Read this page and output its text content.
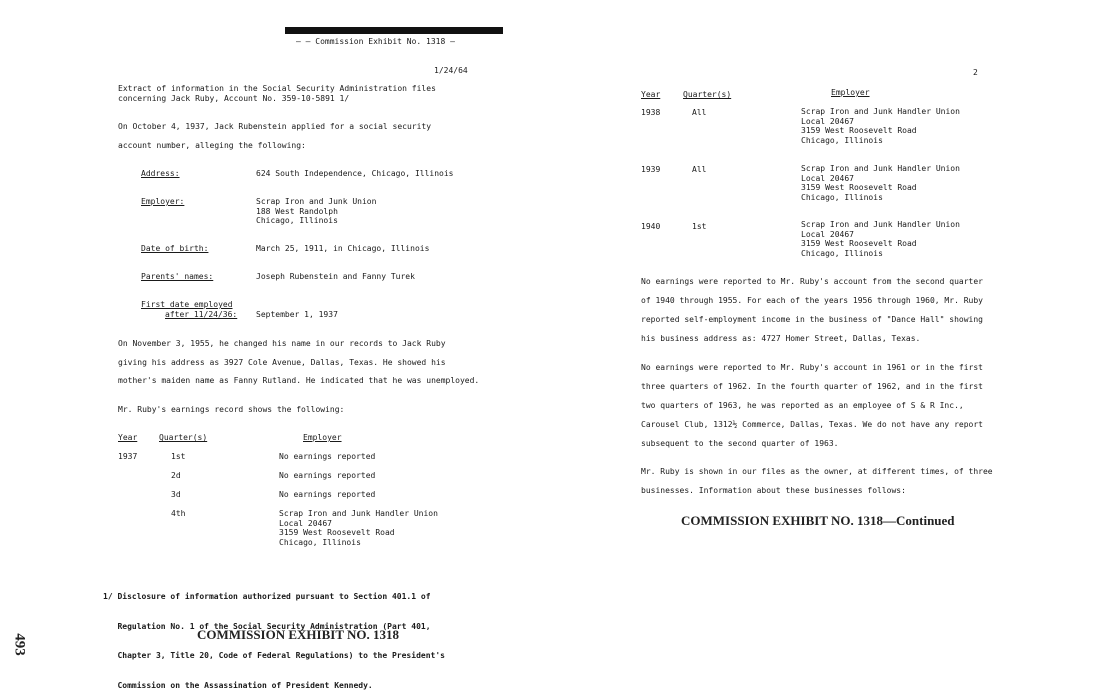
493
— – Commission Exhibit No. 1318 –
1/24/64
Extract of information in the Social Security Administration files
concerning Jack Ruby, Account No. 359-10-5891 1/
On October 4, 1937, Jack Rubenstein applied for a social security
account number, alleging the following:
Address:	624 South Independence, Chicago, Illinois
Employer:	Scrap Iron and Junk Union
188 West Randolph
Chicago, Illinois
Date of birth:	March 25, 1911, in Chicago, Illinois
Parents' names:	Joseph Rubenstein and Fanny Turek
First date employed
after 11/24/36: September 1, 1937
On November 3, 1955, he changed his name in our records to Jack Ruby
giving his address as 3927 Cole Avenue, Dallas, Texas. He showed his
mother's maiden name as Fanny Rutland. He indicated that he was unemployed.
Mr. Ruby's earnings record shows the following:
Year	Quarter(s)	Employer
1937	1st	No earnings reported
2d	No earnings reported
3d	No earnings reported
4th	Scrap Iron and Junk Handler Union
Local 20467
3159 West Roosevelt Road
Chicago, Illinois

1/ Disclosure of information authorized pursuant to Section 401.1 of

Regulation No. 1 of the Social Security Administration (Part 401,

Chapter 3, Title 20, Code of Federal Regulations) to the President's

Commission on the Assassination of President Kennedy.

COMMISSION EXHIBIT NO. 1318
2
Year	Quarter(s)	Employer
1938	All	Scrap Iron and Junk Handler Union
Local 20467
3159 West Roosevelt Road
Chicago, Illinois
1939	All	Scrap Iron and Junk Handler Union
Local 20467
3159 West Roosevelt Road
Chicago, Illinois
1940	1st	Scrap Iron and Junk Handler Union
Local 20467
3159 West Roosevelt Road
Chicago, Illinois
No earnings were reported to Mr. Ruby's account from the second quarter
of 1940 through 1955. For each of the years 1956 through 1960, Mr. Ruby
reported self-employment income in the business of "Dance Hall" showing
his business address as: 4727 Homer Street, Dallas, Texas.
No earnings were reported to Mr. Ruby's account in 1961 or in the first
three quarters of 1962. In the fourth quarter of 1962, and in the first
two quarters of 1963, he was reported as an employee of S & R Inc.,
Carousel Club, 1312½ Commerce, Dallas, Texas. We do not have any report
subsequent to the second quarter of 1963.
Mr. Ruby is shown in our files as the owner, at different times, of three
businesses. Information about these businesses follows:
COMMISSION EXHIBIT NO. 1318—Continued
